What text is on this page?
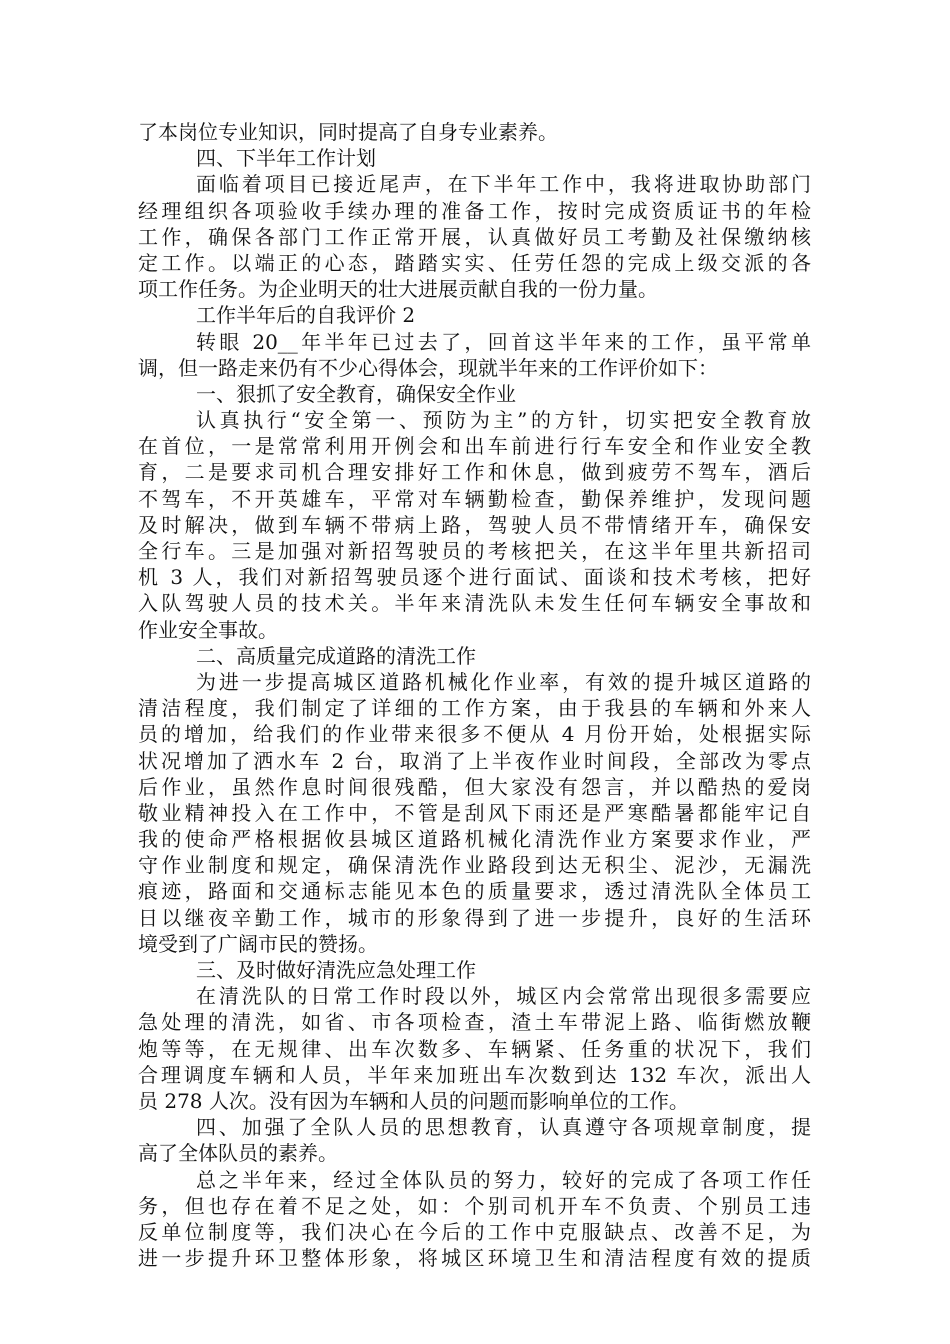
了本岗位专业知识，同时提高了自身专业素养。
四、下半年工作计划
面临着项目已接近尾声，在下半年工作中，我将进取协助部门
经理组织各项验收手续办理的准备工作，按时完成资质证书的年检
工作，确保各部门工作正常开展，认真做好员工考勤及社保缴纳核
定工作。以端正的心态，踏踏实实、任劳任怨的完成上级交派的各
项工作任务。为企业明天的壮大进展贡献自我的一份力量。
工作半年后的自我评价 2
转眼 20__年半年已过去了，回首这半年来的工作，虽平常单
调，但一路走来仍有不少心得体会，现就半年来的工作评价如下：
一、狠抓了安全教育，确保安全作业
认真执行“安全第一、预防为主”的方针，切实把安全教育放
在首位，一是常常利用开例会和出车前进行行车安全和作业安全教
育，二是要求司机合理安排好工作和休息，做到疲劳不驾车，酒后
不驾车，不开英雄车，平常对车辆勤检查，勤保养维护，发现问题
及时解决，做到车辆不带病上路，驾驶人员不带情绪开车，确保安
全行车。三是加强对新招驾驶员的考核把关，在这半年里共新招司
机 3 人，我们对新招驾驶员逐个进行面试、面谈和技术考核，把好
入队驾驶人员的技术关。半年来清洗队未发生任何车辆安全事故和
作业安全事故。
二、高质量完成道路的清洗工作
为进一步提高城区道路机械化作业率，有效的提升城区道路的
清洁程度，我们制定了详细的工作方案，由于我县的车辆和外来人
员的增加，给我们的作业带来很多不便从 4 月份开始，处根据实际
状况增加了洒水车 2 台，取消了上半夜作业时间段，全部改为零点
后作业，虽然作息时间很残酷，但大家没有怨言，并以酷热的爱岗
敬业精神投入在工作中，不管是刮风下雨还是严寒酷暑都能牢记自
我的使命严格根据攸县城区道路机械化清洗作业方案要求作业，严
守作业制度和规定，确保清洗作业路段到达无积尘、泥沙，无漏洗
痕迹，路面和交通标志能见本色的质量要求，透过清洗队全体员工
日以继夜辛勤工作，城市的形象得到了进一步提升，良好的生活环
境受到了广阔市民的赞扬。
三、及时做好清洗应急处理工作
在清洗队的日常工作时段以外，城区内会常常出现很多需要应
急处理的清洗，如省、市各项检查，渣土车带泥上路、临街燃放鞭
炮等等，在无规律、出车次数多、车辆紧、任务重的状况下，我们
合理调度车辆和人员，半年来加班出车次数到达 132 车次，派出人
员 278 人次。没有因为车辆和人员的问题而影响单位的工作。
四、加强了全队人员的思想教育，认真遵守各项规章制度，提
高了全体队员的素养。
总之半年来，经过全体队员的努力，较好的完成了各项工作任
务，但也存在着不足之处，如：个别司机开车不负责、个别员工违
反单位制度等，我们决心在今后的工作中克服缺点、改善不足，为
进一步提升环卫整体形象，将城区环境卫生和清洁程度有效的提质
